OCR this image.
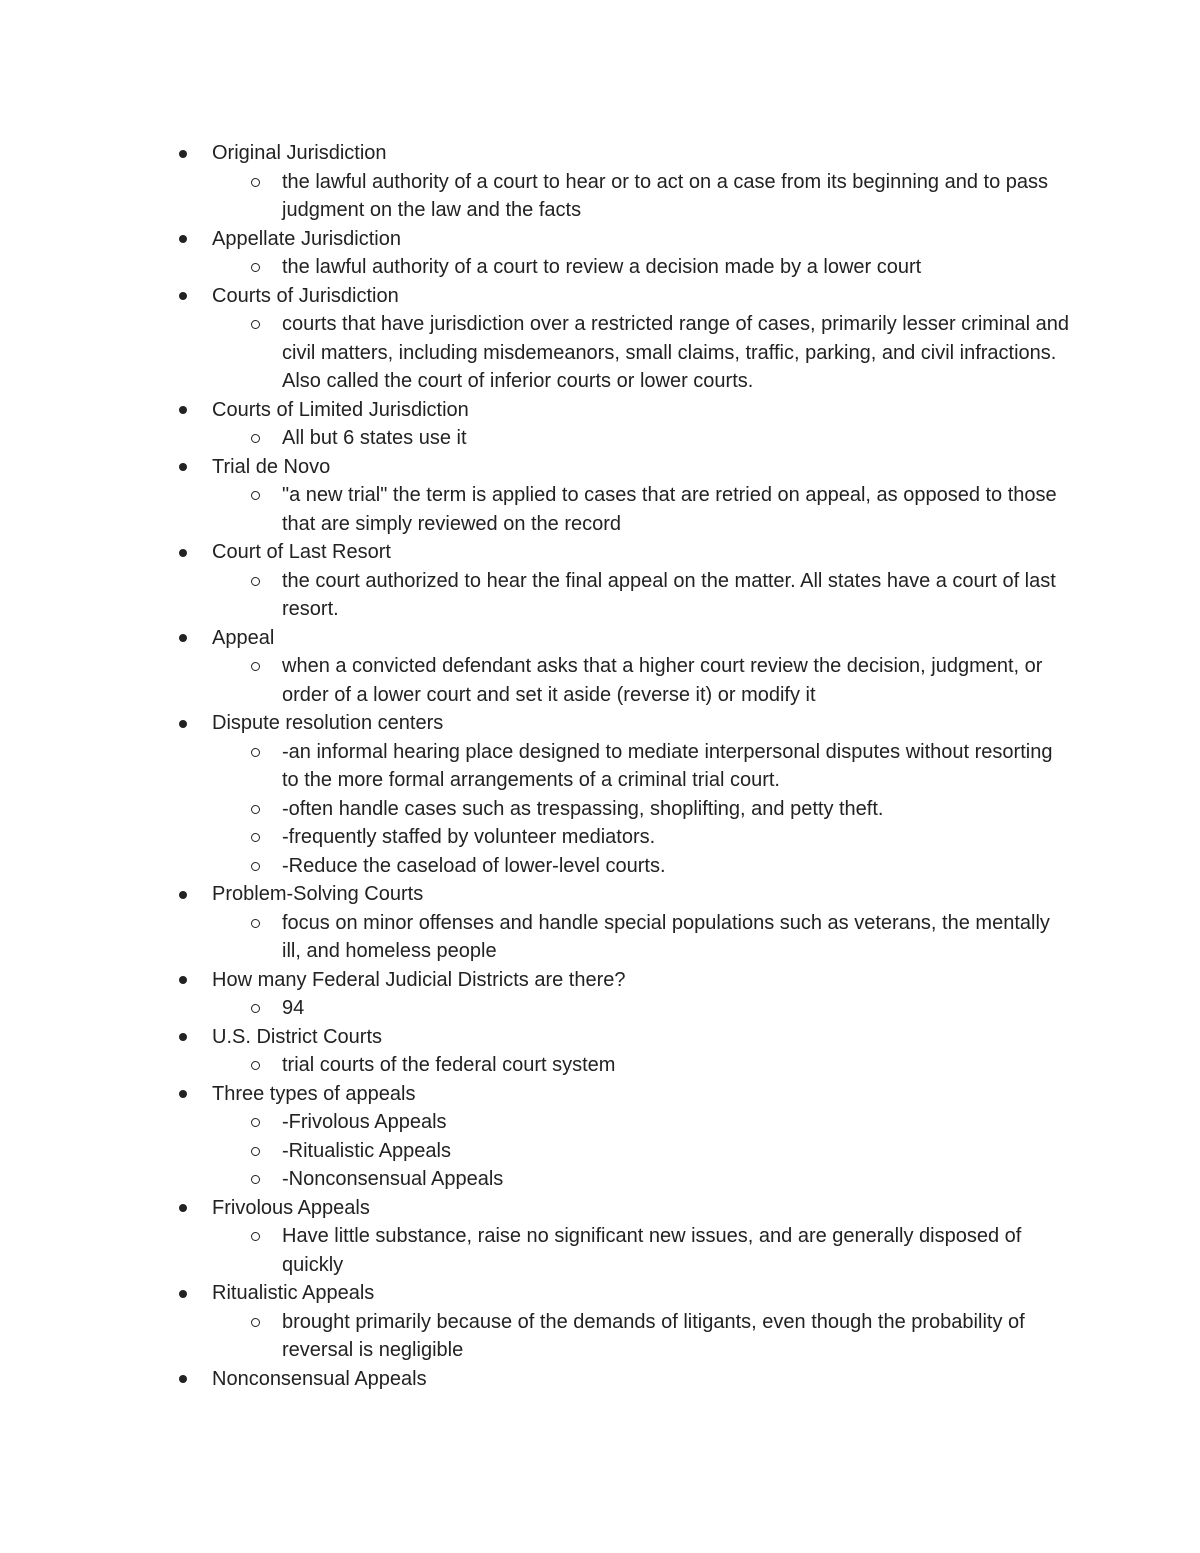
Original Jurisdiction
the lawful authority of a court to hear or to act on a case from its beginning and to pass judgment on the law and the facts
Appellate Jurisdiction
the lawful authority of a court to review a decision made by a lower court
Courts of Jurisdiction
courts that have jurisdiction over a restricted range of cases, primarily lesser criminal and civil matters, including misdemeanors, small claims, traffic, parking, and civil infractions. Also called the court of inferior courts or lower courts.
Courts of Limited Jurisdiction
All but 6 states use it
Trial de Novo
"a new trial" the term is applied to cases that are retried on appeal, as opposed to those that are simply reviewed on the record
Court of Last Resort
the court authorized to hear the final appeal on the matter. All states have a court of last resort.
Appeal
when a convicted defendant asks that a higher court review the decision, judgment, or order of a lower court and set it aside (reverse it) or modify it
Dispute resolution centers
-an informal hearing place designed to mediate interpersonal disputes without resorting to the more formal arrangements of a criminal trial court.
-often handle cases such as trespassing, shoplifting, and petty theft.
-frequently staffed by volunteer mediators.
-Reduce the caseload of lower-level courts.
Problem-Solving Courts
focus on minor offenses and handle special populations such as veterans, the mentally ill, and homeless people
How many Federal Judicial Districts are there?
94
U.S. District Courts
trial courts of the federal court system
Three types of appeals
-Frivolous Appeals
-Ritualistic Appeals
-Nonconsensual Appeals
Frivolous Appeals
Have little substance, raise no significant new issues, and are generally disposed of quickly
Ritualistic Appeals
brought primarily because of the demands of litigants, even though the probability of reversal is negligible
Nonconsensual Appeals
